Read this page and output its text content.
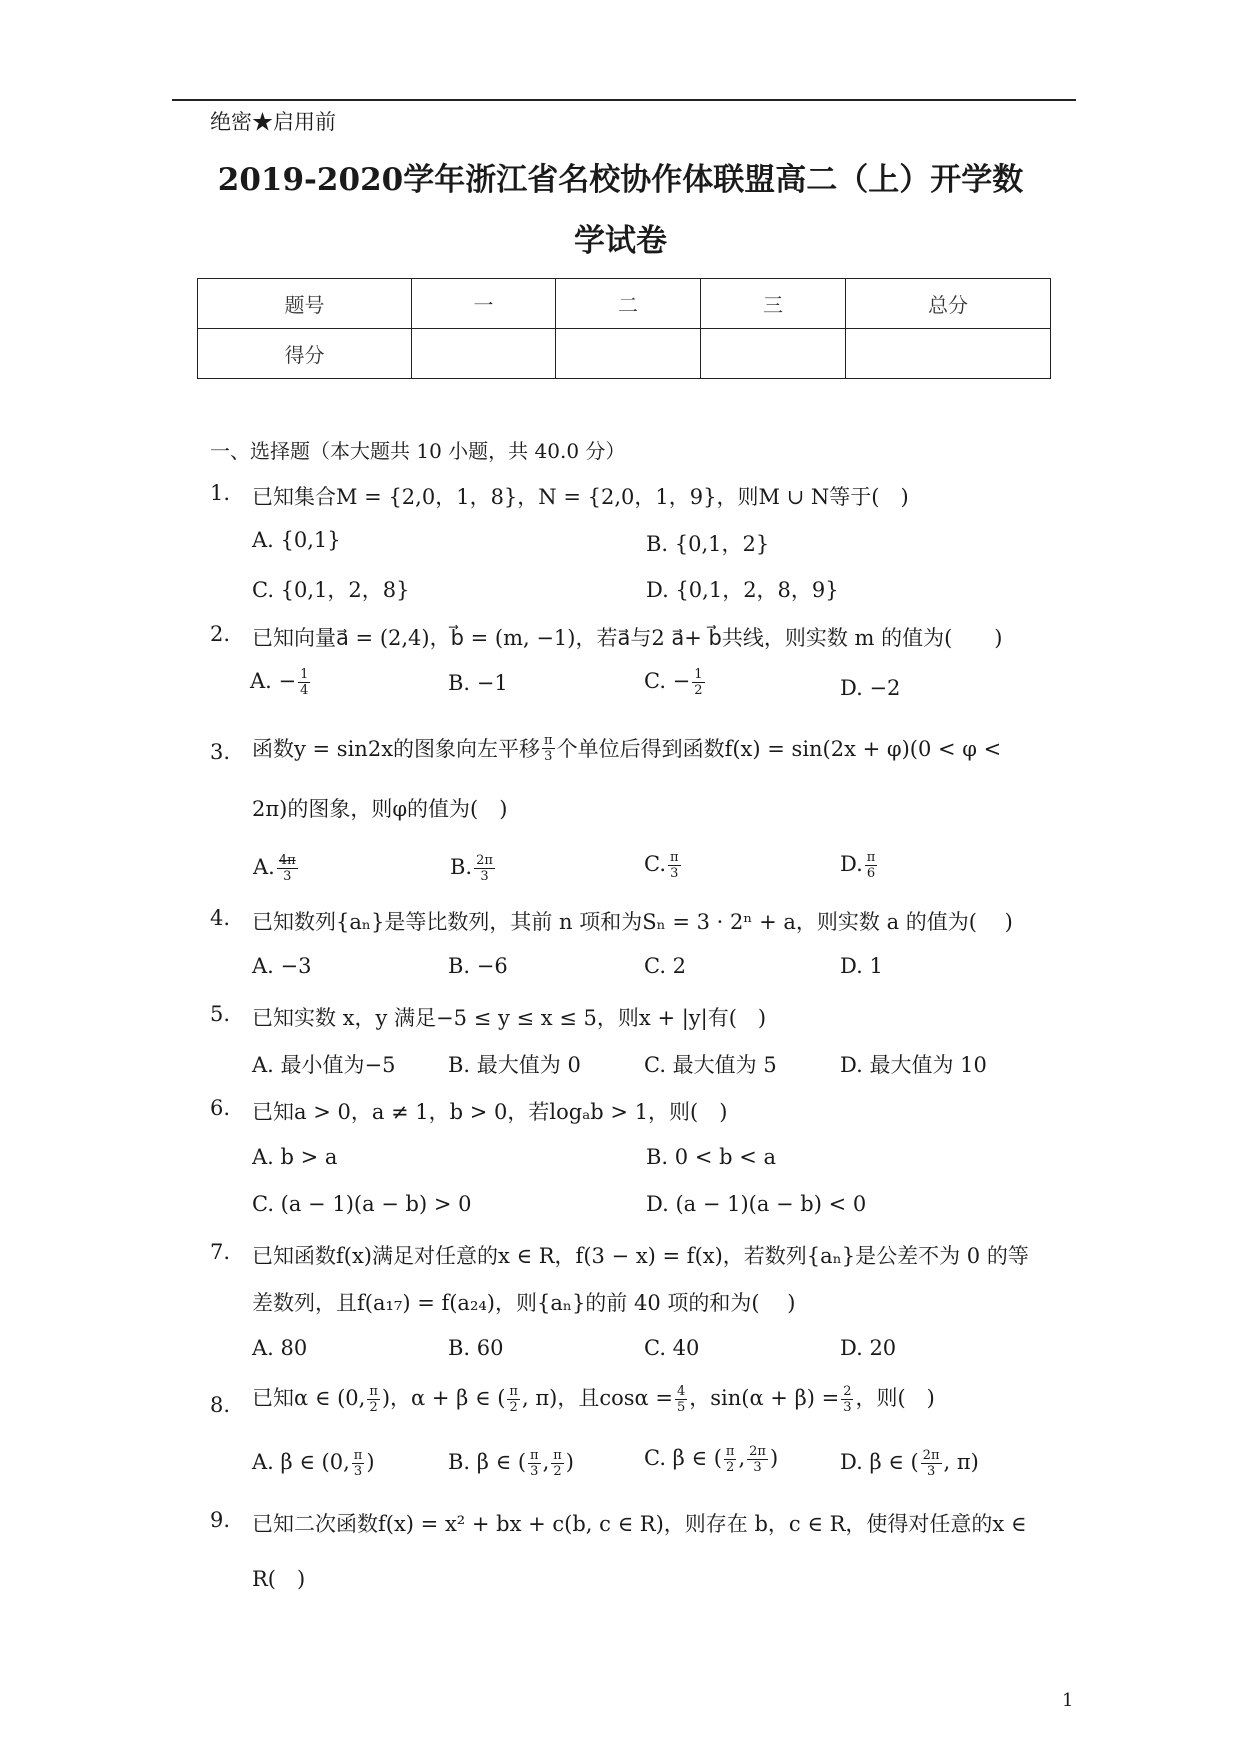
绝密★启用前
2019-2020学年浙江省名校协作体联盟高二（上）开学数
学试卷
题号	一	二	三	总分
得分				
一、选择题（本大题共 10 小题，共 40.0 分）
1. 已知集合M = {2,0，1，8}，N = {2,0，1，9}，则M ∪ N等于(　)
A. {0,1}	B. {0,1，2}
C. {0,1，2，8}	D. {0,1，2，8，9}
2. 已知向量a⃗ = (2,4)，b⃗ = (m, −1)，若a⃗与2 a⃗+ b⃗共线，则实数 m 的值为(　　)
A. − $\frac{1}{4}$	B. −1	C. − $\frac{1}{2}$	D. −2
3. 函数y = sin2x的图象向左平移 $\frac{\pi}{3}$ 个单位后得到函数f(x) = sin(2x + φ)(0 < φ <
2π)的图象，则φ的值为(　)
A. $\frac{4\pi}{3}$	B. $\frac{2\pi}{3}$	C. $\frac{\pi}{3}$	D. $\frac{\pi}{6}$
4. 已知数列{aₙ}是等比数列，其前 n 项和为Sₙ = 3 · 2ⁿ + a，则实数 a 的值为(　 )
A. −3	B. −6	C. 2	D. 1
5. 已知实数 x，y 满足−5 ≤ y ≤ x ≤ 5，则x + |y|有(　)
A. 最小值为−5	B. 最大值为 0	C. 最大值为 5	D. 最大值为 10
6. 已知a > 0，a ≠ 1，b > 0，若logₐb > 1，则(　)
A. b > a	B. 0 < b < a
C. (a − 1)(a − b) > 0	D. (a − 1)(a − b) < 0
7. 已知函数f(x)满足对任意的x ∈ R，f(3 − x) = f(x)，若数列{aₙ}是公差不为 0 的等
差数列，且f(a₁₇) = f(a₂₄)，则{aₙ}的前 40 项的和为(　 )
A. 80	B. 60	C. 40	D. 20
8. 已知α ∈ (0, $\frac{\pi}{2}$ )，α + β ∈ ( $\frac{\pi}{2}$ , π)，且$\cos\alpha = \frac{4}{5}$ ，$\sin(\alpha + \beta) = \frac{2}{3}$ ，则(　)
A. β ∈ (0, $\frac{\pi}{3}$ )	B. β ∈ ( $\frac{\pi}{3}$ , $\frac{\pi}{2}$ )	C. β ∈ ( $\frac{\pi}{2}$ , $\frac{2\pi}{3}$ )	D. β ∈ ( $\frac{2\pi}{3}$ , π)
9. 已知二次函数f(x) = x² + bx + c(b, c ∈ R)，则存在 b，c ∈ R，使得对任意的x ∈
R(　)
1
